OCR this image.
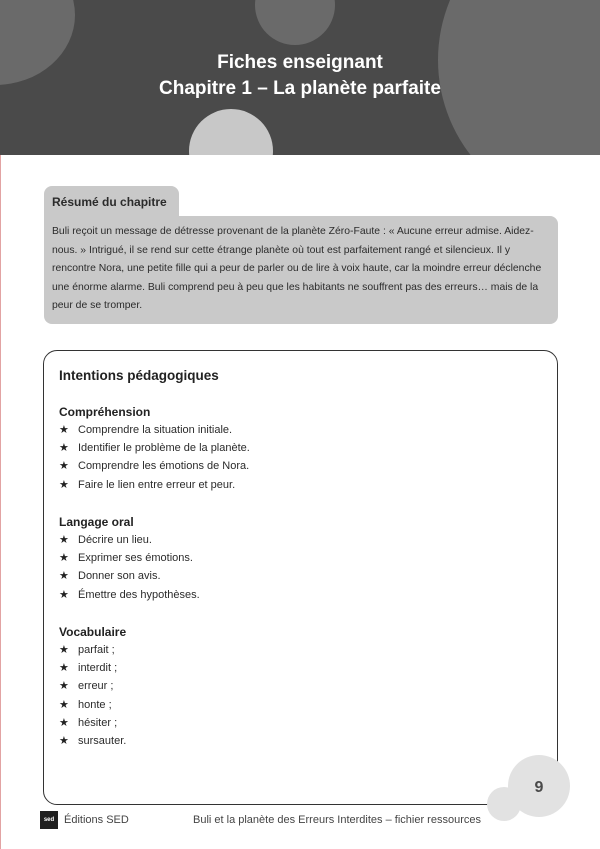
Fiches enseignant
Chapitre 1 – La planète parfaite
Résumé du chapitre
Buli reçoit un message de détresse provenant de la planète Zéro-Faute : « Aucune erreur admise. Aidez-nous. » Intrigué, il se rend sur cette étrange planète où tout est parfaitement rangé et silencieux. Il y rencontre Nora, une petite fille qui a peur de parler ou de lire à voix haute, car la moindre erreur déclenche une énorme alarme. Buli comprend peu à peu que les habitants ne souffrent pas des erreurs… mais de la peur de se tromper.
Intentions pédagogiques
Compréhension
★ Comprendre la situation initiale.
★ Identifier le problème de la planète.
★ Comprendre les émotions de Nora.
★ Faire le lien entre erreur et peur.
Langage oral
★ Décrire un lieu.
★ Exprimer ses émotions.
★ Donner son avis.
★ Émettre des hypothèses.
Vocabulaire
★ parfait ;
★ interdit ;
★ erreur ;
★ honte ;
★ hésiter ;
★ sursauter.
9
sed Éditions SED	Buli et la planète des Erreurs Interdites – fichier ressources
